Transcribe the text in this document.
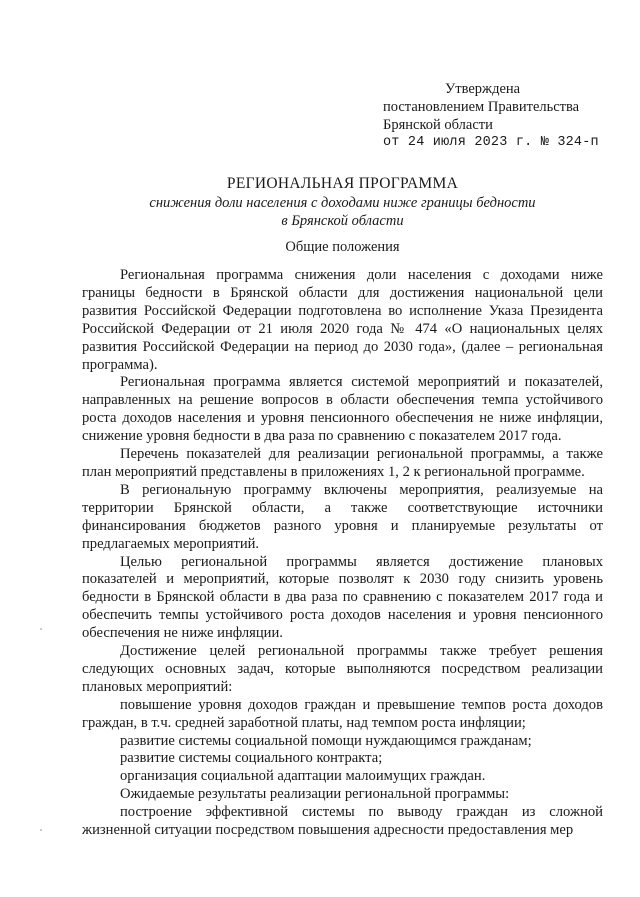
Утверждена
постановлением Правительства
Брянской области
от 24 июля 2023 г. № 324-п
РЕГИОНАЛЬНАЯ ПРОГРАММА
снижения доли населения с доходами ниже границы бедности
в Брянской области
Общие положения

Региональная программа снижения доли населения с доходами ниже границы бедности в Брянской области для достижения национальной цели развития Российской Федерации подготовлена во исполнение Указа Президента Российской Федерации от 21 июля 2020 года № 474 «О национальных целях развития Российской Федерации на период до 2030 года», (далее – региональная программа).

Региональная программа является системой мероприятий и показателей, направленных на решение вопросов в области обеспечения темпа устойчивого роста доходов населения и уровня пенсионного обеспечения не ниже инфляции, снижение уровня бедности в два раза по сравнению с показателем 2017 года.

Перечень показателей для реализации региональной программы, а также план мероприятий представлены в приложениях 1, 2 к региональной программе.

В региональную программу включены мероприятия, реализуемые на территории Брянской области, а также соответствующие источники финансирования бюджетов разного уровня и планируемые результаты от предлагаемых мероприятий.

Целью региональной программы является достижение плановых показателей и мероприятий, которые позволят к 2030 году снизить уровень бедности в Брянской области в два раза по сравнению с показателем 2017 года и обеспечить темпы устойчивого роста доходов населения и уровня пенсионного обеспечения не ниже инфляции.

Достижение целей региональной программы также требует решения следующих основных задач, которые выполняются посредством реализации плановых мероприятий:

повышение уровня доходов граждан и превышение темпов роста доходов граждан, в т.ч. средней заработной платы, над темпом роста инфляции;

развитие системы социальной помощи нуждающимся гражданам;

развитие системы социального контракта;

организация социальной адаптации малоимущих граждан.

Ожидаемые результаты реализации региональной программы:

построение эффективной системы по выводу граждан из сложной жизненной ситуации посредством повышения адресности предоставления мер
